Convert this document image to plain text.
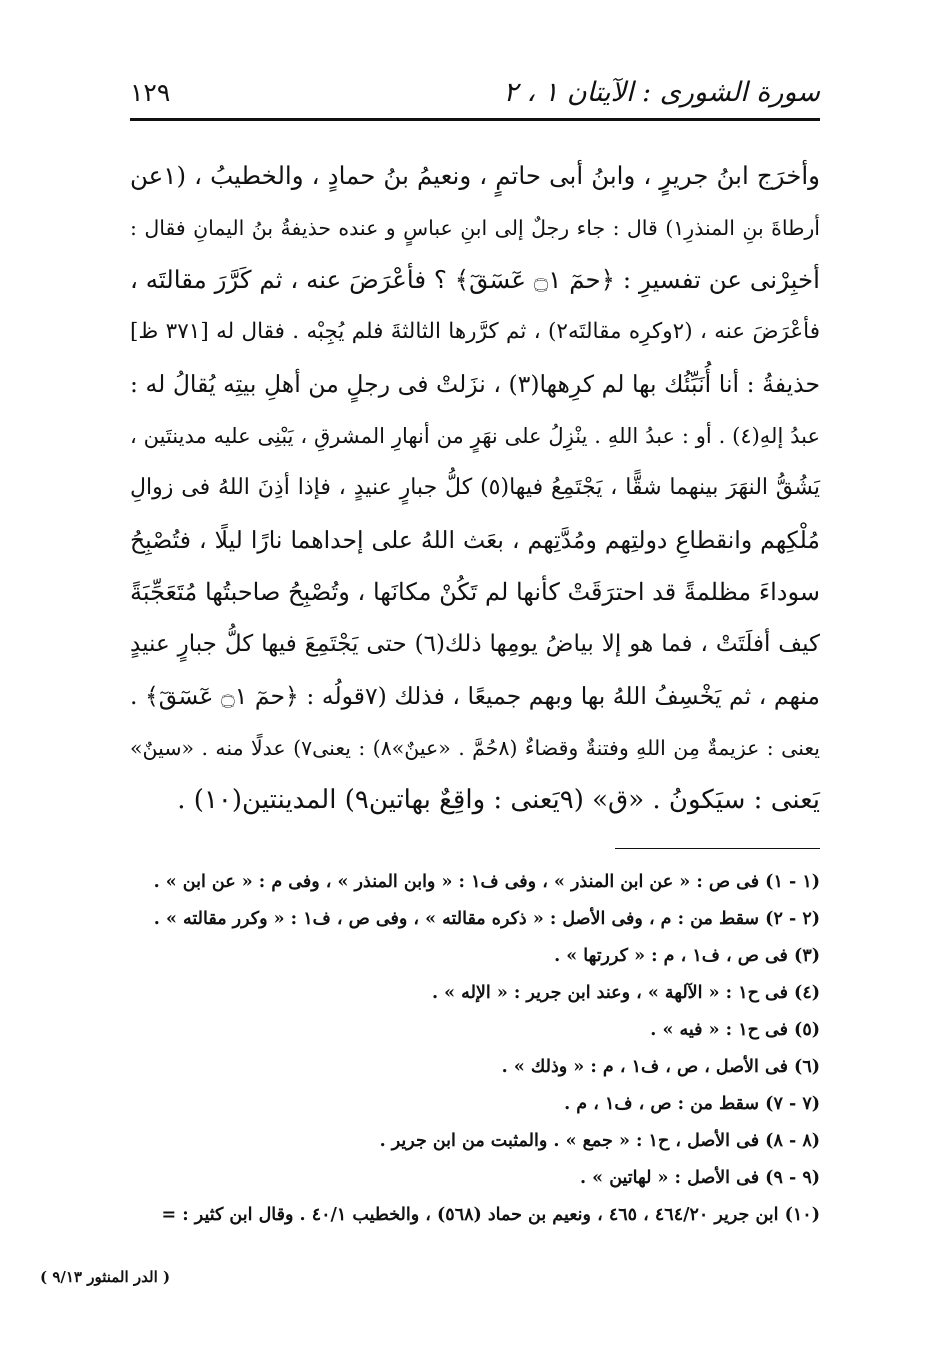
سورة الشورى : الآيتان ١ ، ٢
١٢٩
وأخرَج ابنُ جريرٍ ، وابنُ أبى حاتمٍ ، ونعيمُ بنُ حمادٍ ، والخطيبُ ، (١عن
أرطاةَ بنِ المنذرِ١) قال : جاء رجلٌ إلى ابنِ عباسٍ و عنده حذيفةُ بنُ اليمانِ فقال :
أخبِرْنى عن تفسيرِ : ﴿حمٓ ۝١ عٓسٓقٓ﴾ ؟ فأعْرَضَ عنه ، ثم كَرَّرَ مقالتَه ،
فأعْرَضَ عنه ، (٢وكرِه مقالتَه٢) ، ثم كرَّرها الثالثةَ فلم يُجِبْه . فقال له [٣٧١ ظ]
حذيفةُ : أنا أُنَبِّئُك بها لم كرِهها(٣) ، نزَلتْ فى رجلٍ من أهلِ بيتِه يُقالُ له :
عبدُ إلهِ(٤) . أو : عبدُ اللهِ . ينْزِلُ على نهَرٍ من أنهارِ المشرقِ ، يَبْنِى عليه مدينتَين ،
يَشُقُّ النهَرَ بينهما شقًّا ، يَجْتَمِعُ فيها(٥) كلُّ جبارٍ عنيدٍ ، فإذا أذِنَ اللهُ فى زوالِ
مُلْكِهم وانقطاعِ دولتِهم ومُدَّتِهم ، بعَث اللهُ على إحداهما نارًا ليلًا ، فتُصْبِحُ
سوداءَ مظلمةً قد احترَقَتْ كأنها لم تَكُنْ مكانَها ، وتُصْبِحُ صاحبتُها مُتَعَجِّبَةً
كيف أفلَتَتْ ، فما هو إلا بياضُ يومِها ذلك(٦) حتى يَجْتَمِعَ فيها كلُّ جبارٍ عنيدٍ
منهم ، ثم يَخْسِفُ اللهُ بها وبهم جميعًا ، فذلك (٧قولُه : ﴿حمٓ ۝١ عٓسٓقٓ﴾ .
يعنى : عزيمةٌ مِن اللهِ وفتنةٌ وقضاءٌ (٨حُمَّ . «عينٌ»٨) : يعنى٧) عدلًا منه . «سينٌ»
يَعنى : سيَكونُ . «ق» (٩يَعنى : واقِعٌ بهاتين٩) المدينتين(١٠) .
(١ - ١) فى ص : « عن ابن المنذر » ، وفى ف١ : « وابن المنذر » ، وفى م : « عن ابن » .
(٢ - ٢) سقط من : م ، وفى الأصل : « ذكره مقالته » ، وفى ص ، ف١ : « وكرر مقالته » .
(٣) فى ص ، ف١ ، م : « كررتها » .
(٤) فى ح١ : « الآلهة » ، وعند ابن جرير : « الإله » .
(٥) فى ح١ : « فيه » .
(٦) فى الأصل ، ص ، ف١ ، م : « وذلك » .
(٧ - ٧) سقط من : ص ، ف١ ، م .
(٨ - ٨) فى الأصل ، ح١ : « جمع » . والمثبت من ابن جرير .
(٩ - ٩) فى الأصل : « لهاتين » .
(١٠) ابن جرير ٤٦٤/٢٠ ، ٤٦٥ ، ونعيم بن حماد (٥٦٨) ، والخطيب ٤٠/١ . وقال ابن كثير : =
( الدر المنثور ٩/١٣ )
